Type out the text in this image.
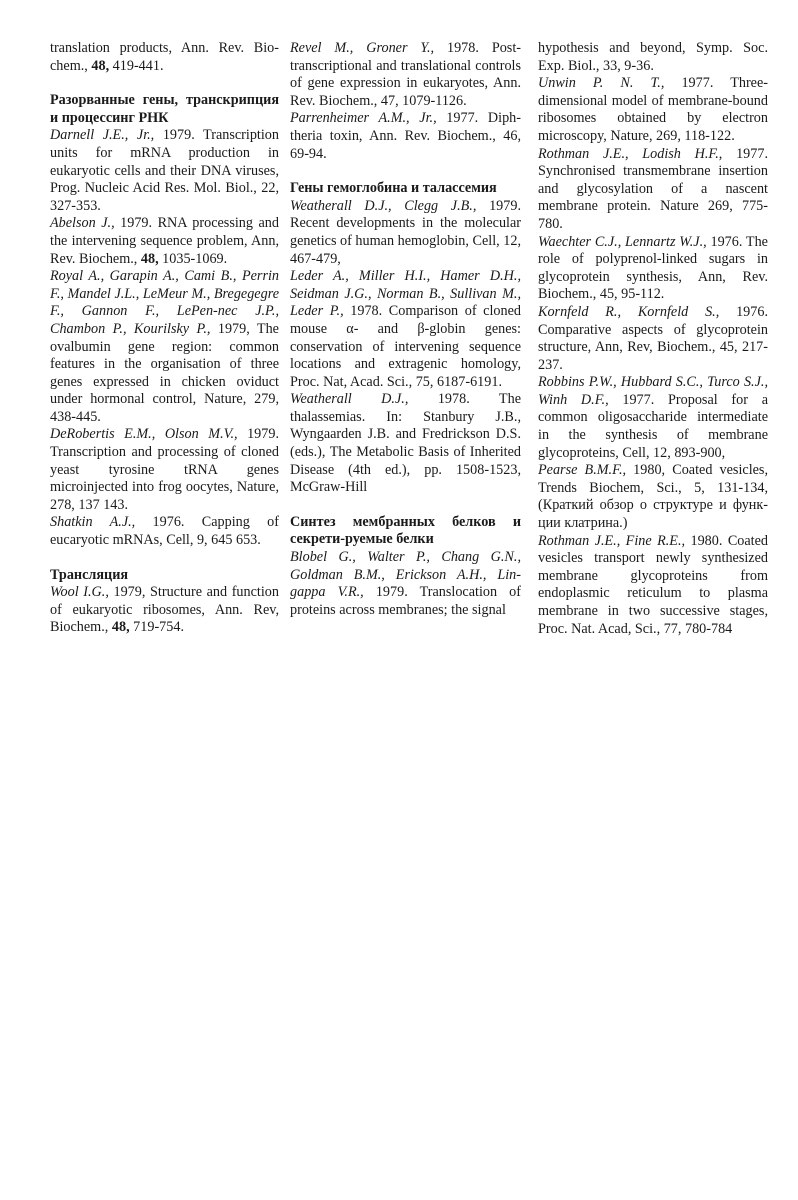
translation products, Ann. Rev. Bio-chem., 48, 419-441.

Разорванные гены, транскрипция и процессинг РНК

Darnell J.E., Jr., 1979. Transcription units for mRNA production in eukaryotic cells and their DNA viruses, Prog. Nucleic Acid Res. Mol. Biol., 22, 327-353.

Abelson J., 1979. RNA processing and the intervening sequence problem, Ann, Rev. Biochem., 48, 1035-1069.

Royal A., Garapin A., Cami B., Perrin F., Mandel J.L., LeMeur M., Bregegegre F., Gannon F., LePen-nec J.P., Chambon P., Kourilsky P., 1979, The ovalbumin gene region: common features in the organisation of three genes expressed in chicken oviduct under hormonal control, Nature, 279, 438-445.

DeRobertis E.M., Olson M.V., 1979. Transcription and processing of cloned yeast tyrosine tRNA genes microinjected into frog oocytes, Nature, 278, 137 143.

Shatkin A.J., 1976. Capping of eucaryotic mRNAs, Cell, 9, 645 653.

Трансляция

Wool I.G., 1979, Structure and function of eukaryotic ribosomes, Ann. Rev, Biochem., 48, 719-754.

Revel M., Groner Y., 1978. Post-transcriptional and translational controls of gene expression in eukaryotes, Ann. Rev. Biochem., 47, 1079-1126.

Parrenheimer A.M., Jr., 1977. Diph-theria toxin, Ann. Rev. Biochem., 46, 69-94.

Гены гемоглобина и талассемия

Weatherall D.J., Clegg J.B., 1979. Recent developments in the molecular genetics of human hemoglobin, Cell, 12, 467-479,

Leder A., Miller H.I., Hamer D.H., Seidman J.G., Norman B., Sullivan M., Leder P., 1978. Comparison of cloned mouse α- and β-globin genes: conservation of intervening sequence locations and extragenic homology, Proc. Nat, Acad. Sci., 75, 6187-6191.

Weatherall D.J., 1978. The thalassemias. In: Stanbury J.B., Wyngaarden J.B. and Fredrickson D.S. (eds.), The Metabolic Basis of Inherited Disease (4th ed.), pp. 1508-1523, McGraw-Hill

Синтез мембранных белков и секрети-руемые белки

Blobel G., Walter P., Chang G.N., Goldman B.M., Erickson A.H., Lin-gappa V.R., 1979. Translocation of proteins across membranes; the signal

hypothesis and beyond, Symp. Soc. Exp. Biol., 33, 9-36.

Unwin P. N. T., 1977. Three-dimensional model of membrane-bound ribosomes obtained by electron microscopy, Nature, 269, 118-122.

Rothman J.E., Lodish H.F., 1977. Synchronised transmembrane insertion and glycosylation of a nascent membrane protein. Nature 269, 775-780.

Waechter C.J., Lennartz W.J., 1976. The role of polyprenol-linked sugars in glycoprotein synthesis, Ann, Rev. Biochem., 45, 95-112.

Kornfeld R., Kornfeld S., 1976. Comparative aspects of glycoprotein structure, Ann, Rev, Biochem., 45, 217-237.

Robbins P.W., Hubbard S.C., Turco S.J., Winh D.F., 1977. Proposal for a common oligosaccharide intermediate in the synthesis of membrane glycoproteins, Cell, 12, 893-900,

Pearse B.M.F., 1980, Coated vesicles, Trends Biochem, Sci., 5, 131-134, (Краткий обзор о структуре и функ-ции клатрина.)

Rothman J.E., Fine R.E., 1980. Coated vesicles transport newly synthesized membrane glycoproteins from endoplasmic reticulum to plasma membrane in two successive stages, Proc. Nat. Acad, Sci., 77, 780-784
